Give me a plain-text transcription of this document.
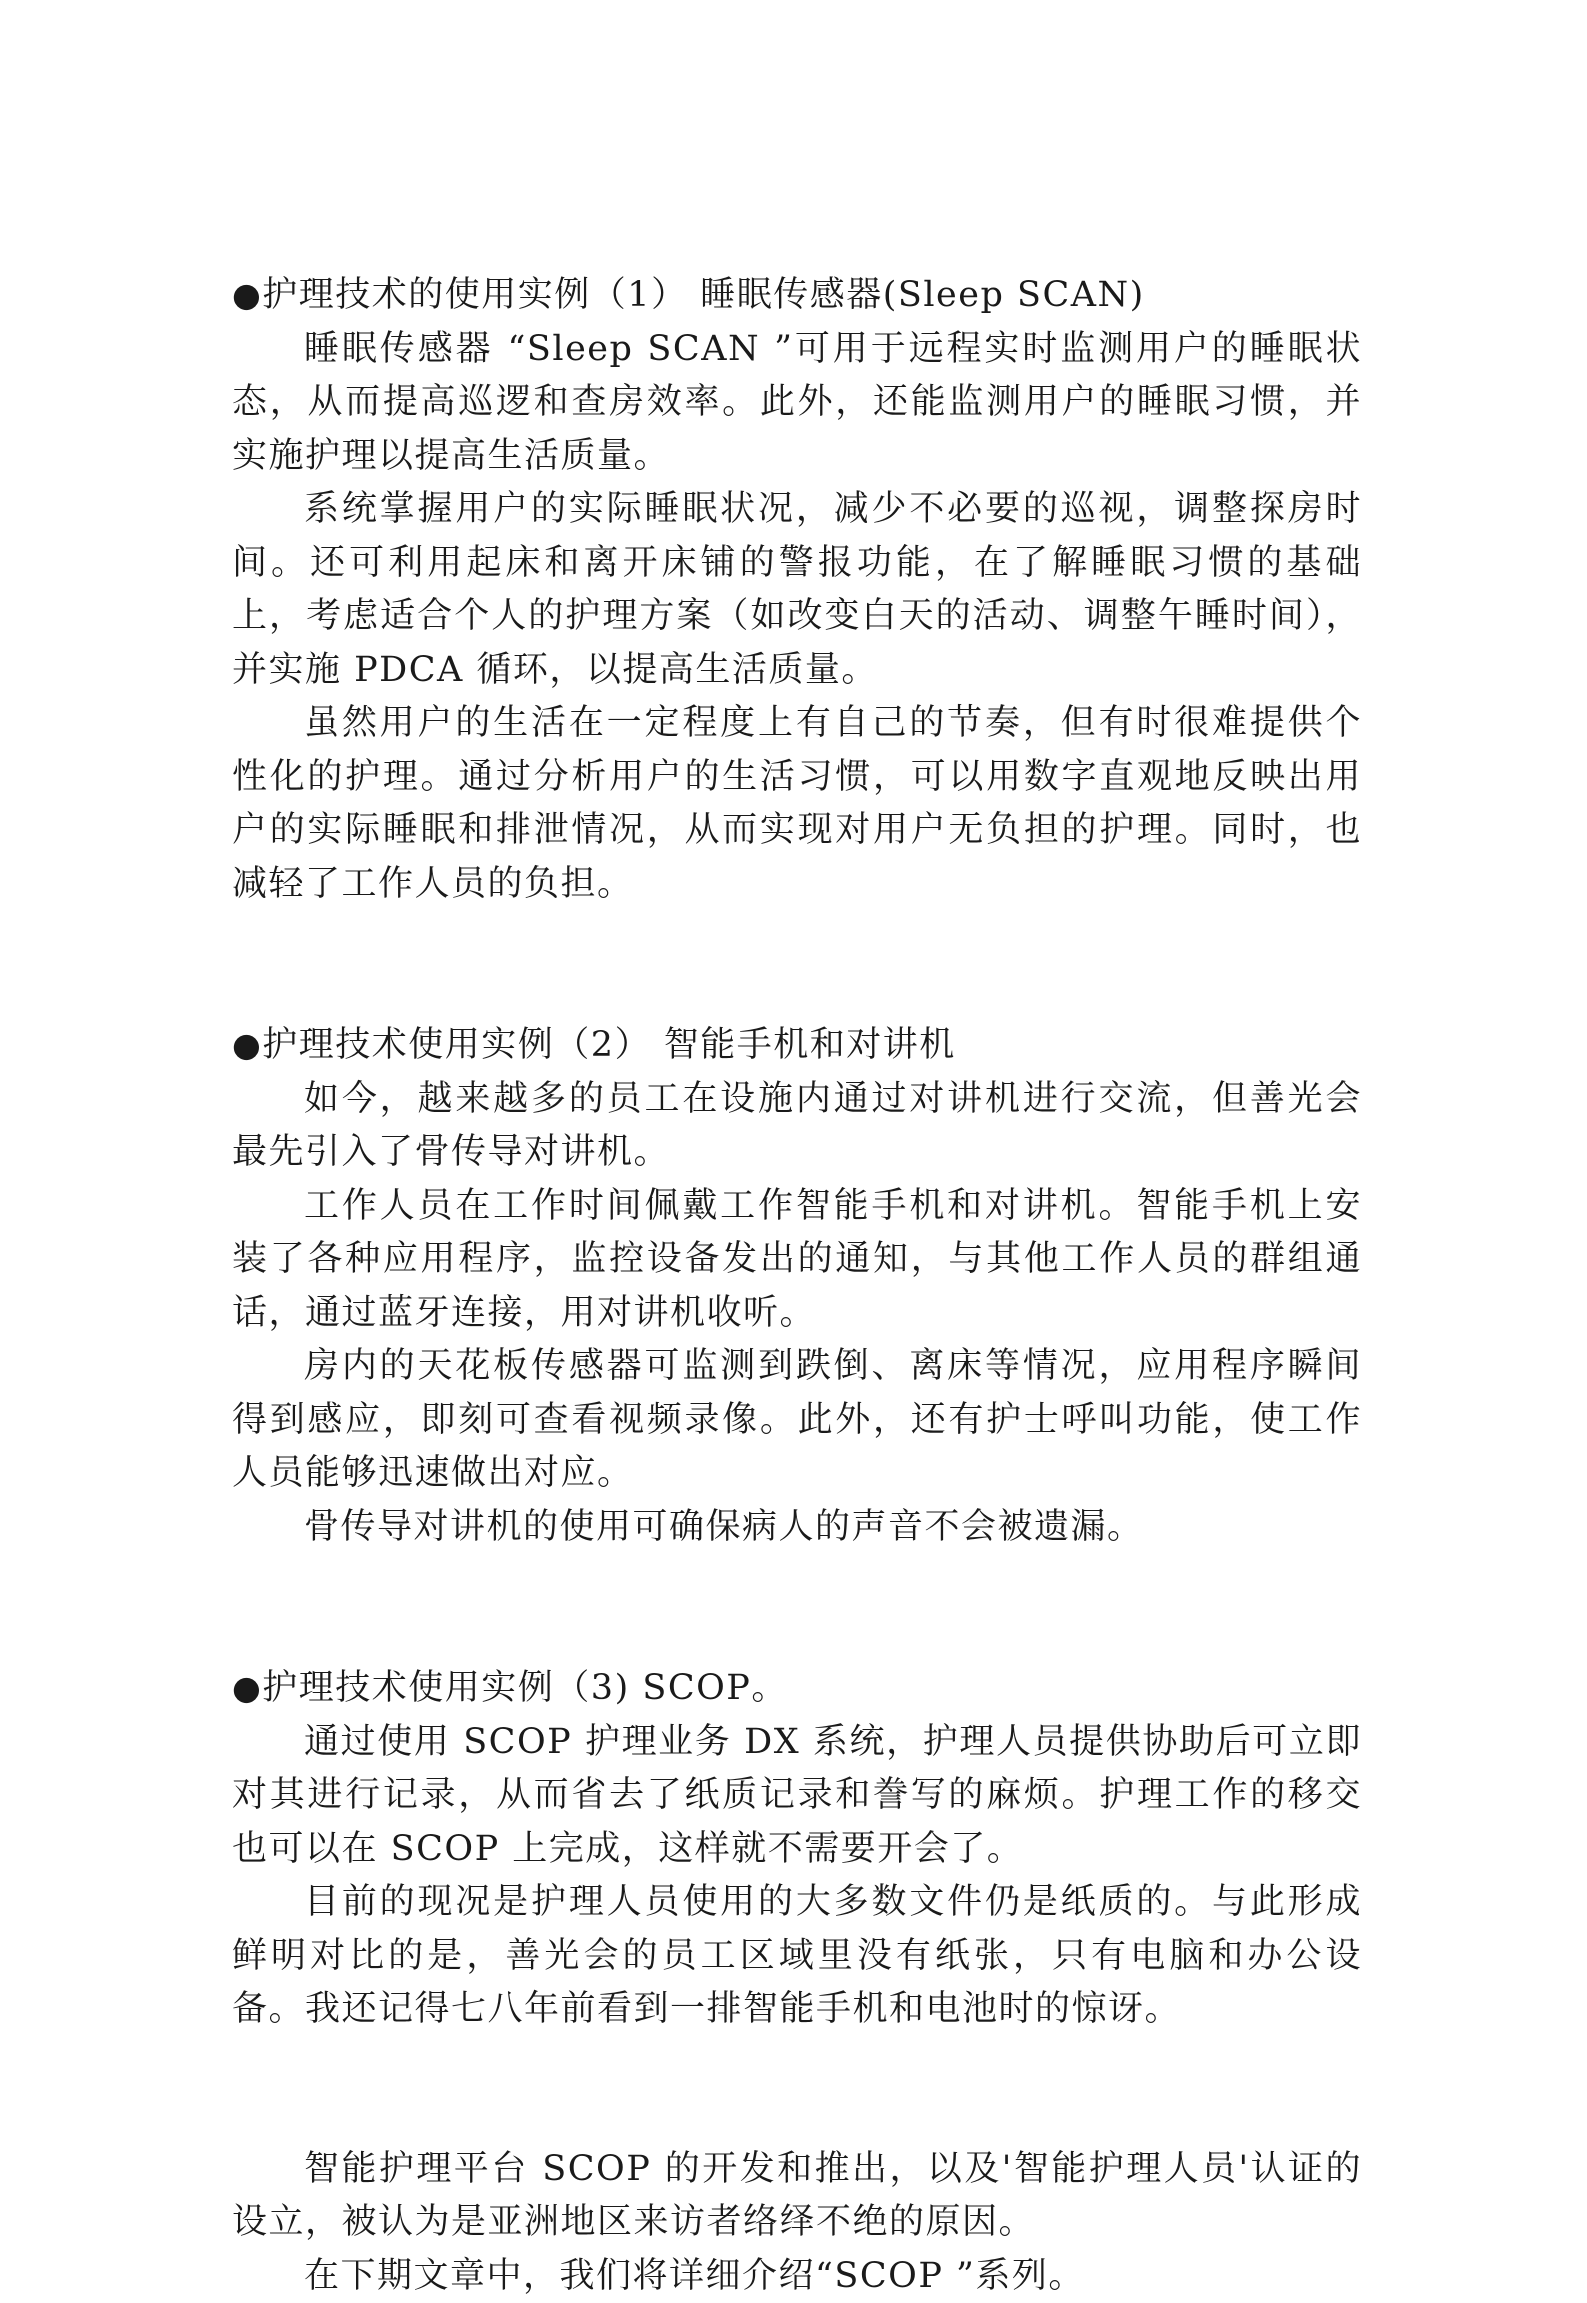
●护理技术的使用实例（1） 睡眠传感器(Sleep SCAN)

睡眠传感器 “Sleep SCAN ”可用于远程实时监测用户的睡眠状态，从而提高巡逻和查房效率。此外，还能监测用户的睡眠习惯，并实施护理以提高生活质量。

系统掌握用户的实际睡眠状况，减少不必要的巡视，调整探房时间。还可利用起床和离开床铺的警报功能，在了解睡眠习惯的基础上，考虑适合个人的护理方案（如改变白天的活动、调整午睡时间），并实施 PDCA 循环，以提高生活质量。

虽然用户的生活在一定程度上有自己的节奏，但有时很难提供个性化的护理。通过分析用户的生活习惯，可以用数字直观地反映出用户的实际睡眠和排泄情况，从而实现对用户无负担的护理。同时，也减轻了工作人员的负担。

●护理技术使用实例（2） 智能手机和对讲机

如今，越来越多的员工在设施内通过对讲机进行交流，但善光会最先引入了骨传导对讲机。

工作人员在工作时间佩戴工作智能手机和对讲机。智能手机上安装了各种应用程序，监控设备发出的通知，与其他工作人员的群组通话，通过蓝牙连接，用对讲机收听。

房内的天花板传感器可监测到跌倒、离床等情况，应用程序瞬间得到感应，即刻可查看视频录像。此外，还有护士呼叫功能，使工作人员能够迅速做出对应。

骨传导对讲机的使用可确保病人的声音不会被遗漏。

●护理技术使用实例（3) SCOP。

通过使用 SCOP 护理业务 DX 系统，护理人员提供协助后可立即对其进行记录，从而省去了纸质记录和誊写的麻烦。护理工作的移交也可以在 SCOP 上完成，这样就不需要开会了。

目前的现况是护理人员使用的大多数文件仍是纸质的。与此形成鲜明对比的是，善光会的员工区域里没有纸张，只有电脑和办公设备。我还记得七八年前看到一排智能手机和电池时的惊讶。

智能护理平台 SCOP 的开发和推出，以及'智能护理人员'认证的设立，被认为是亚洲地区来访者络绎不绝的原因。

在下期文章中，我们将详细介绍“SCOP ”系列。
